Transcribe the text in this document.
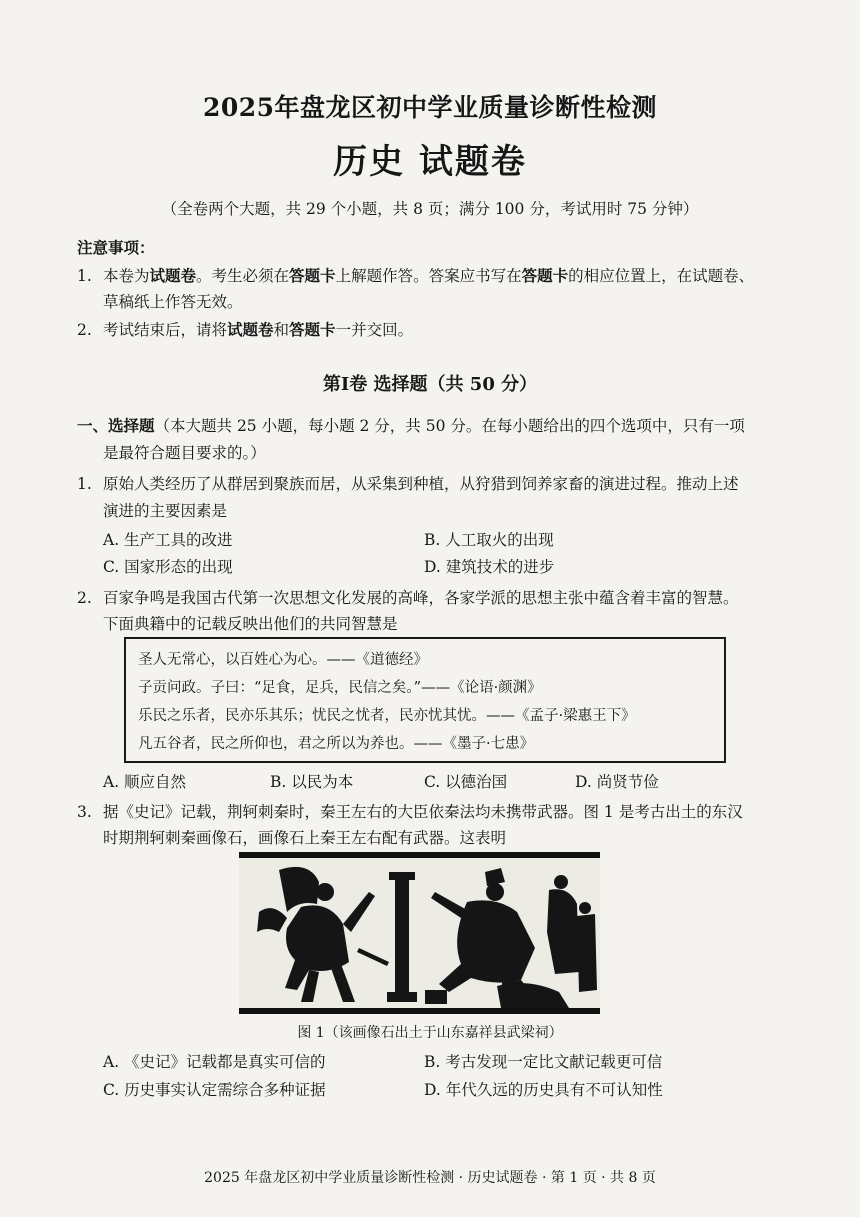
2025年盘龙区初中学业质量诊断性检测
历史 试题卷
（全卷两个大题，共 29 个小题，共 8 页；满分 100 分，考试用时 75 分钟）
注意事项：
1. 本卷为试题卷。考生必须在答题卡上解题作答。答案应书写在答题卡的相应位置上，在试题卷、
草稿纸上作答无效。
2. 考试结束后，请将试题卷和答题卡一并交回。
第Ⅰ卷 选择题（共 50 分）
一、选择题（本大题共 25 小题，每小题 2 分，共 50 分。在每小题给出的四个选项中，只有一项
是最符合题目要求的。）
1. 原始人类经历了从群居到聚族而居，从采集到种植，从狩猎到饲养家畜的演进过程。推动上述
演进的主要因素是
A. 生产工具的改进	B. 人工取火的出现
C. 国家形态的出现	D. 建筑技术的进步
2. 百家争鸣是我国古代第一次思想文化发展的高峰，各家学派的思想主张中蕴含着丰富的智慧。
下面典籍中的记载反映出他们的共同智慧是
圣人无常心，以百姓心为心。——《道德经》
子贡问政。子曰：“足食，足兵，民信之矣。”——《论语·颜渊》
乐民之乐者，民亦乐其乐；忧民之忧者，民亦忧其忧。——《孟子·梁惠王下》
凡五谷者，民之所仰也，君之所以为养也。——《墨子·七患》
A. 顺应自然	B. 以民为本	C. 以德治国	D. 尚贤节俭
3. 据《史记》记载，荆轲刺秦时，秦王左右的大臣依秦法均未携带武器。图 1 是考古出土的东汉
时期荆轲刺秦画像石，画像石上秦王左右配有武器。这表明
图 1（该画像石出土于山东嘉祥县武梁祠）
A. 《史记》记载都是真实可信的	B. 考古发现一定比文献记载更可信
C. 历史事实认定需综合多种证据	D. 年代久远的历史具有不可认知性
2025 年盘龙区初中学业质量诊断性检测 · 历史试题卷 · 第 1 页 · 共 8 页
